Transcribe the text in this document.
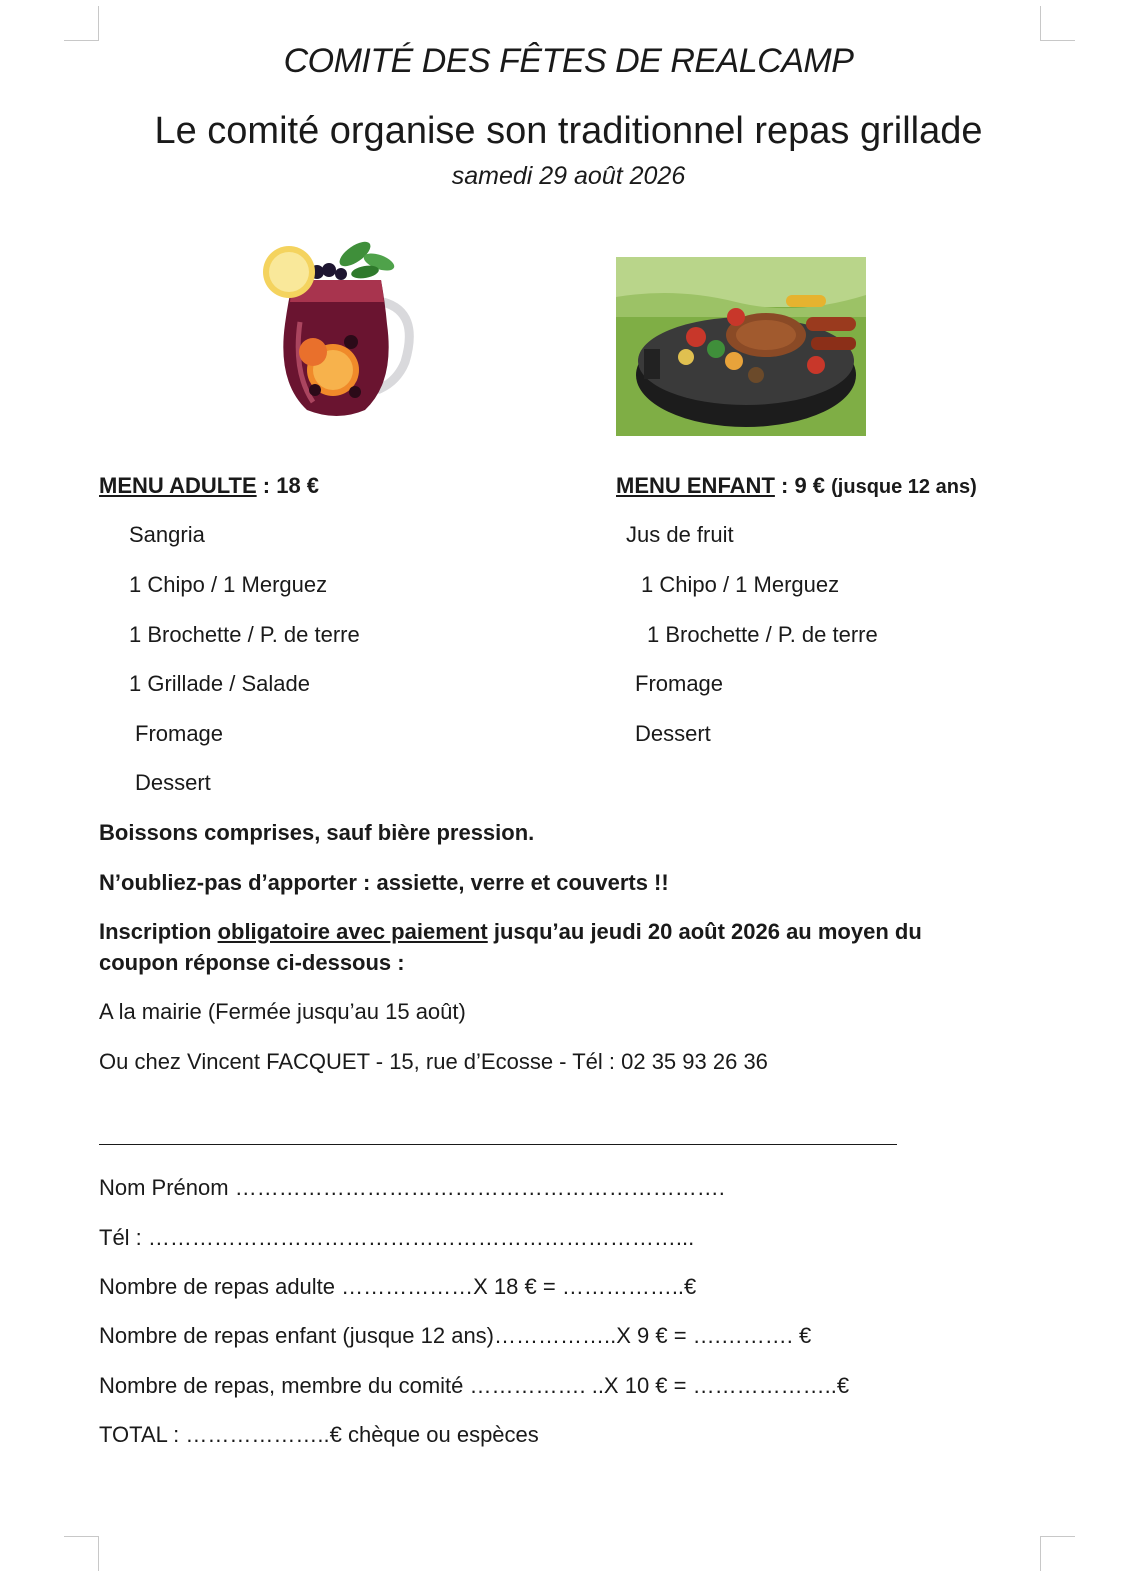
COMITÉ DES FÊTES DE REALCAMP
Le comité organise son traditionnel repas grillade
samedi 29 août 2026
MENU ADULTE : 18 €
Sangria
1 Chipo / 1 Merguez
1 Brochette / P. de terre
1 Grillade / Salade
Fromage
Dessert
MENU ENFANT : 9 € (jusque 12 ans)
Jus de fruit
1 Chipo / 1 Merguez
1 Brochette / P. de terre
Fromage
Dessert
Boissons comprises, sauf bière pression.
N’oubliez-pas d’apporter : assiette, verre et couverts !!
Inscription obligatoire avec paiement jusqu’au jeudi 20 août 2026 au moyen du
coupon réponse ci-dessous :
A la mairie (Fermée jusqu’au 15 août)
Ou chez Vincent FACQUET - 15, rue d’Ecosse - Tél : 02 35 93 26 36
Nom Prénom ………………………………………………………….
Tél : ………………………………………………………………...
Nombre de repas adulte ………………X 18 € = ……………..€
Nombre de repas enfant (jusque 12 ans)……………..X 9 € = ….………. €
Nombre de repas, membre du comité ……………. ..X 10 € = ………………..€
TOTAL : ………………..€ chèque ou espèces
